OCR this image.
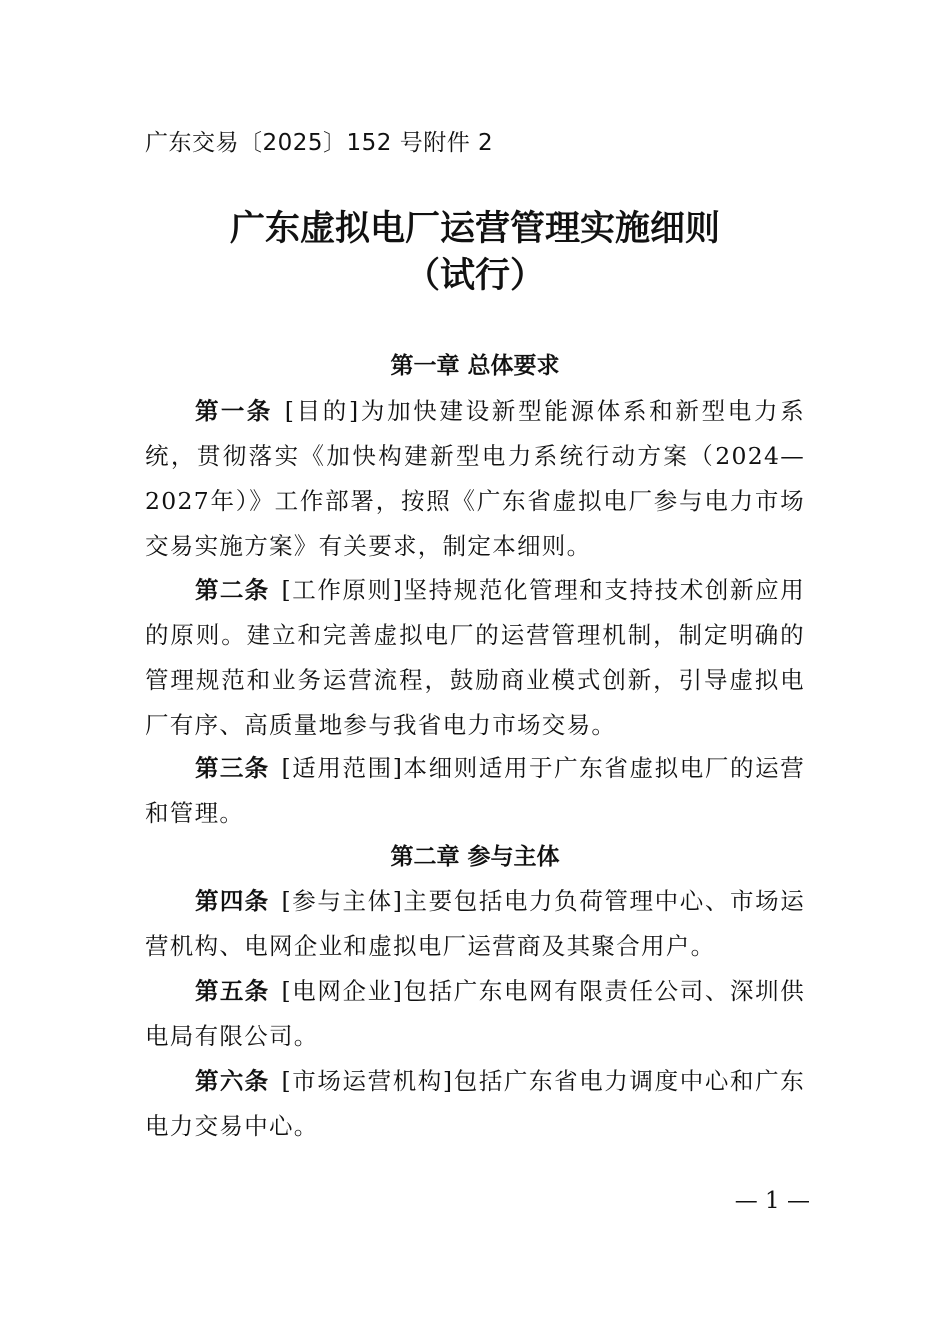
广东交易〔2025〕152 号附件 2
广东虚拟电厂运营管理实施细则
（试行）
第一章 总体要求

第一条 [目的]为加快建设新型能源体系和新型电力系统，贯彻落实《加快构建新型电力系统行动方案（2024—2027年）》工作部署，按照《广东省虚拟电厂参与电力市场交易实施方案》有关要求，制定本细则。

第二条 [工作原则]坚持规范化管理和支持技术创新应用的原则。建立和完善虚拟电厂的运营管理机制，制定明确的管理规范和业务运营流程，鼓励商业模式创新，引导虚拟电厂有序、高质量地参与我省电力市场交易。

第三条 [适用范围]本细则适用于广东省虚拟电厂的运营和管理。

第二章 参与主体

第四条 [参与主体]主要包括电力负荷管理中心、市场运营机构、电网企业和虚拟电厂运营商及其聚合用户。

第五条 [电网企业]包括广东电网有限责任公司、深圳供电局有限公司。

第六条 [市场运营机构]包括广东省电力调度中心和广东电力交易中心。

— 1 —
